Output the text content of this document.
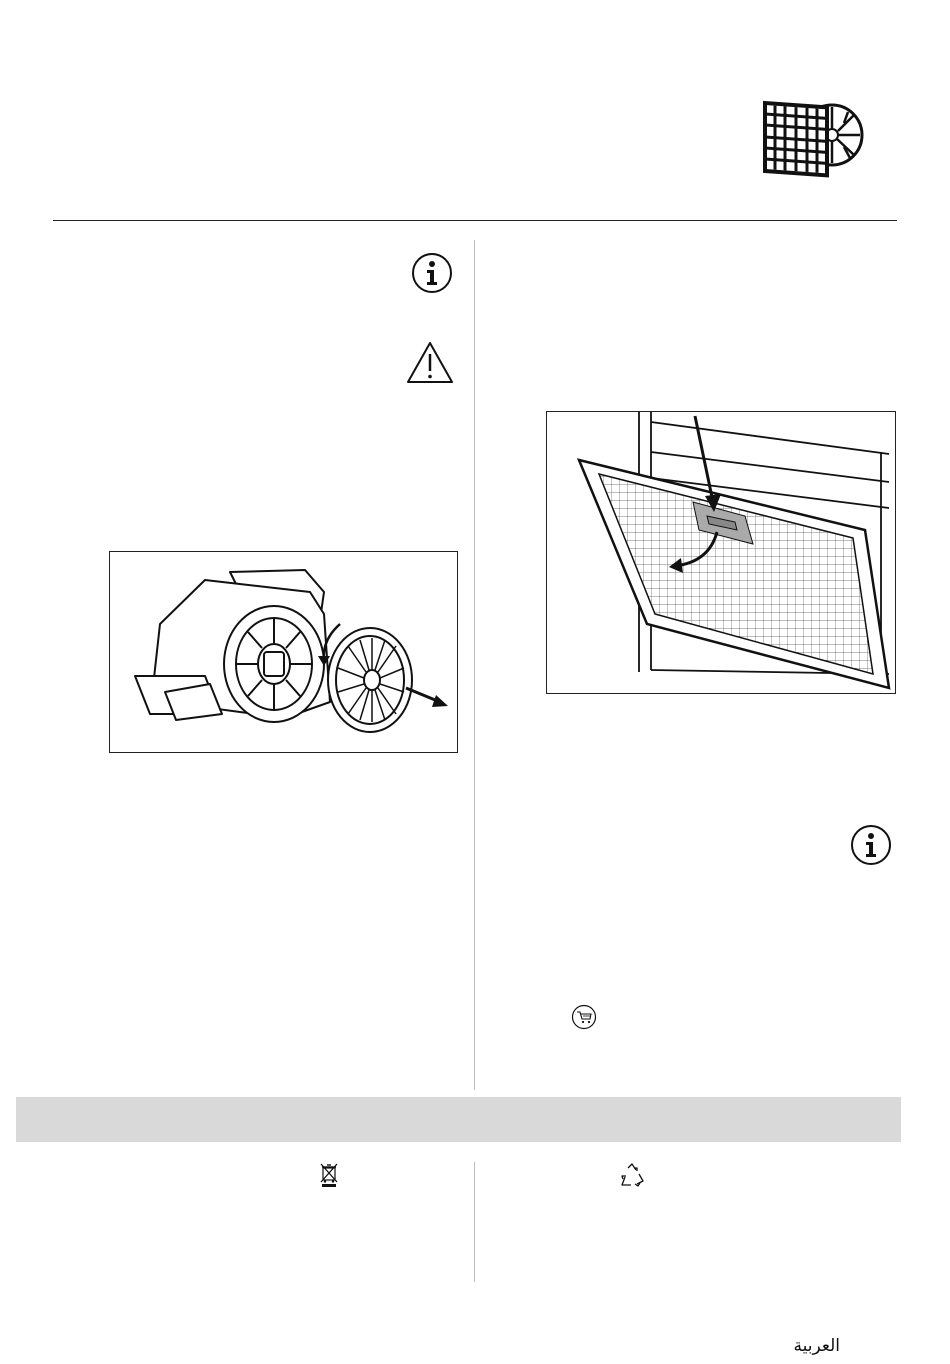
العربية
